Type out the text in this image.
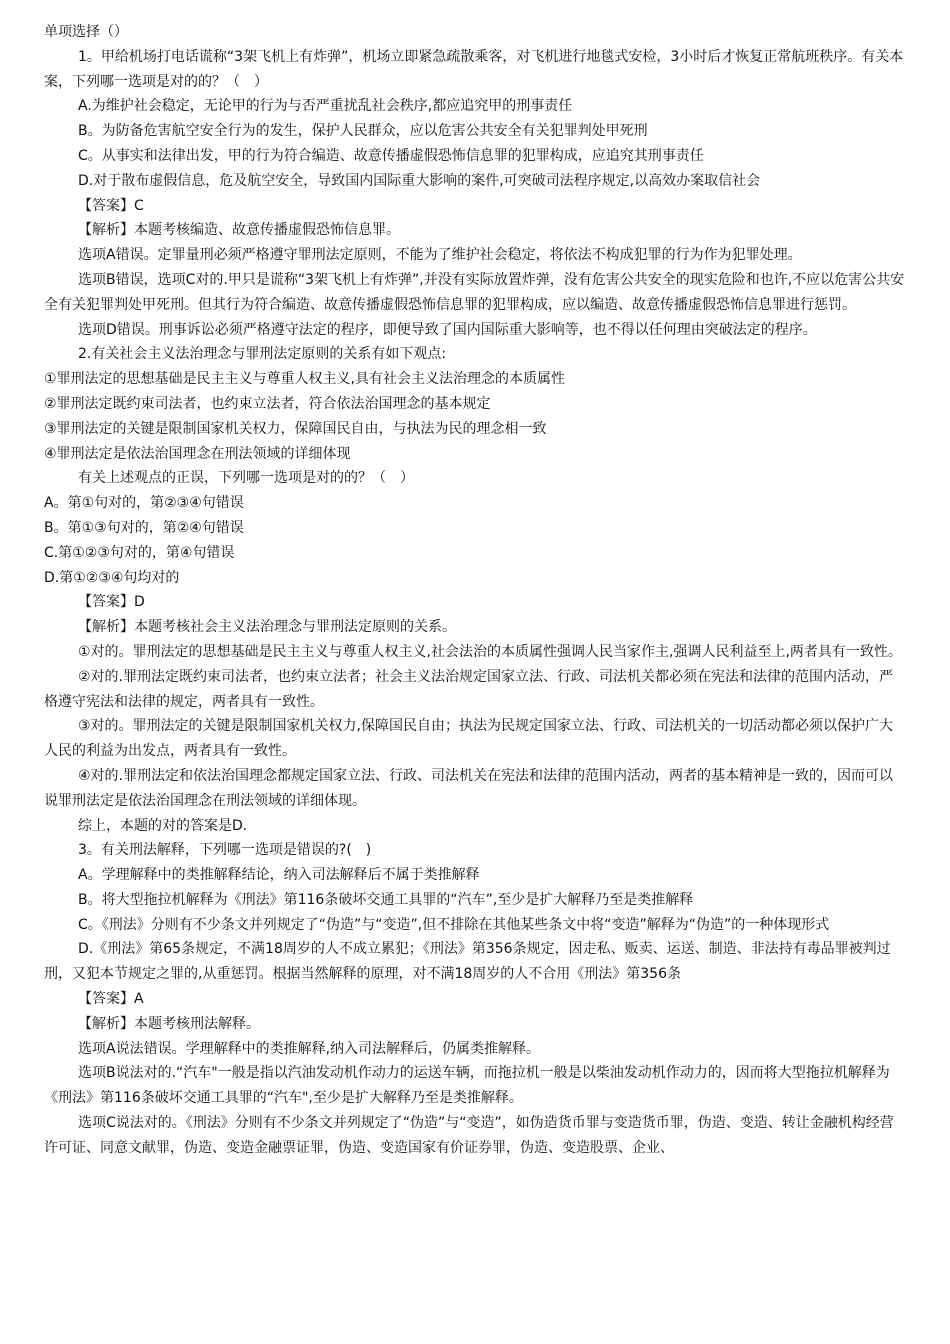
单项选择（）

1。甲给机场打电话谎称“3架飞机上有炸弹”，机场立即紧急疏散乘客，对飞机进行地毯式安检，3小时后才恢复正常航班秩序。有关本案，下列哪一选项是对的的？（　）

A.为维护社会稳定，无论甲的行为与否严重扰乱社会秩序,都应追究甲的刑事责任

B。为防备危害航空安全行为的发生，保护人民群众，应以危害公共安全有关犯罪判处甲死刑

C。从事实和法律出发，甲的行为符合编造、故意传播虚假恐怖信息罪的犯罪构成，应追究其刑事责任

D.对于散布虚假信息，危及航空安全，导致国内国际重大影响的案件,可突破司法程序规定,以高效办案取信社会

【答案】C

【解析】本题考核编造、故意传播虚假恐怖信息罪。

选项A错误。定罪量刑必须严格遵守罪刑法定原则，不能为了维护社会稳定，将依法不构成犯罪的行为作为犯罪处理。

选项B错误，选项C对的.甲只是谎称“3架飞机上有炸弹”,并没有实际放置炸弹，没有危害公共安全的现实危险和也许,不应以危害公共安全有关犯罪判处甲死刑。但其行为符合编造、故意传播虚假恐怖信息罪的犯罪构成，应以编造、故意传播虚假恐怖信息罪进行惩罚。

选项D错误。刑事诉讼必须严格遵守法定的程序，即便导致了国内国际重大影响等，也不得以任何理由突破法定的程序。

2.有关社会主义法治理念与罪刑法定原则的关系有如下观点:

①罪刑法定的思想基础是民主主义与尊重人权主义,具有社会主义法治理念的本质属性

②罪刑法定既约束司法者，也约束立法者，符合依法治国理念的基本规定

③罪刑法定的关键是限制国家机关权力，保障国民自由，与执法为民的理念相一致

④罪刑法定是依法治国理念在刑法领域的详细体现

有关上述观点的正误，下列哪一选项是对的的？（　）

A。第①句对的，第②③④句错误

B。第①③句对的，第②④句错误

C.第①②③句对的，第④句错误

D.第①②③④句均对的

【答案】D

【解析】本题考核社会主义法治理念与罪刑法定原则的关系。

①对的。罪刑法定的思想基础是民主主义与尊重人权主义,社会法治的本质属性强调人民当家作主,强调人民利益至上,两者具有一致性。

②对的.罪刑法定既约束司法者，也约束立法者；社会主义法治规定国家立法、行政、司法机关都必须在宪法和法律的范围内活动，严格遵守宪法和法律的规定，两者具有一致性。

③对的。罪刑法定的关键是限制国家机关权力,保障国民自由；执法为民规定国家立法、行政、司法机关的一切活动都必须以保护广大人民的利益为出发点，两者具有一致性。

④对的.罪刑法定和依法治国理念都规定国家立法、行政、司法机关在宪法和法律的范围内活动，两者的基本精神是一致的，因而可以说罪刑法定是依法治国理念在刑法领域的详细体现。

综上，本题的对的答案是D.

3。有关刑法解释，下列哪一选项是错误的?(　)

A。学理解释中的类推解释结论，纳入司法解释后不属于类推解释

B。将大型拖拉机解释为《刑法》第116条破坏交通工具罪的“汽车”,至少是扩大解释乃至是类推解释

C。《刑法》分则有不少条文并列规定了“伪造”与“变造”,但不排除在其他某些条文中将“变造”解释为“伪造”的一种体现形式

D.《刑法》第65条规定，不满18周岁的人不成立累犯；《刑法》第356条规定，因走私、贩卖、运送、制造、非法持有毒品罪被判过刑，又犯本节规定之罪的,从重惩罚。根据当然解释的原理，对不满18周岁的人不合用《刑法》第356条

【答案】A

【解析】本题考核刑法解释。

选项A说法错误。学理解释中的类推解释,纳入司法解释后，仍属类推解释。

选项B说法对的.“汽车"一般是指以汽油发动机作动力的运送车辆，而拖拉机一般是以柴油发动机作动力的，因而将大型拖拉机解释为《刑法》第116条破坏交通工具罪的“汽车",至少是扩大解释乃至是类推解释。

选项C说法对的。《刑法》分则有不少条文并列规定了“伪造”与“变造”，如伪造货币罪与变造货币罪，伪造、变造、转让金融机构经营许可证、同意文献罪，伪造、变造金融票证罪，伪造、变造国家有价证券罪，伪造、变造股票、企业、
